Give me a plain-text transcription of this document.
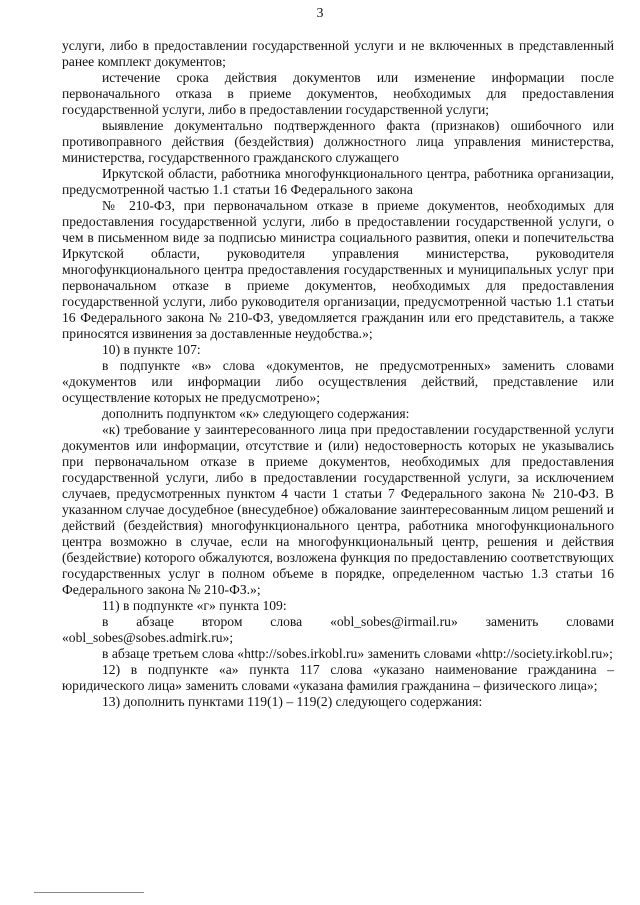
3

услуги, либо в предоставлении государственной услуги и не включенных в представленный ранее комплект документов;

истечение срока действия документов или изменение информации после первоначального отказа в приеме документов, необходимых для предоставления государственной услуги, либо в предоставлении государственной услуги;

выявление документально подтвержденного факта (признаков) ошибочного или противоправного действия (бездействия) должностного лица управления министерства, министерства, государственного гражданского служащего

Иркутской области, работника многофункционального центра, работника организации, предусмотренной частью 1.1 статьи 16 Федерального закона

№ 210-ФЗ, при первоначальном отказе в приеме документов, необходимых для предоставления государственной услуги, либо в предоставлении государственной услуги, о чем в письменном виде за подписью министра социального развития, опеки и попечительства Иркутской области, руководителя управления министерства, руководителя многофункционального центра предоставления государственных и муниципальных услуг при первоначальном отказе в приеме документов, необходимых для предоставления государственной услуги, либо руководителя организации, предусмотренной частью 1.1 статьи 16 Федерального закона № 210-ФЗ, уведомляется гражданин или его представитель, а также приносятся извинения за доставленные неудобства.»;

10) в пункте 107:

в подпункте «в» слова «документов, не предусмотренных» заменить словами «документов или информации либо осуществления действий, представление или осуществление которых не предусмотрено»;

дополнить подпунктом «к» следующего содержания:

«к) требование у заинтересованного лица при предоставлении государственной услуги документов или информации, отсутствие и (или) недостоверность которых не указывались при первоначальном отказе в приеме документов, необходимых для предоставления государственной услуги, либо в предоставлении государственной услуги, за исключением случаев, предусмотренных пунктом 4 части 1 статьи 7 Федерального закона № 210-ФЗ. В указанном случае досудебное (внесудебное) обжалование заинтересованным лицом решений и действий (бездействия) многофункционального центра, работника многофункционального центра возможно в случае, если на многофункциональный центр, решения и действия (бездействие) которого обжалуются, возложена функция по предоставлению соответствующих государственных услуг в полном объеме в порядке, определенном частью 1.3 статьи 16 Федерального закона № 210-ФЗ.»;

11) в подпункте «г» пункта 109:

в абзаце втором слова «obl_sobes@irmail.ru» заменить словами «obl_sobes@sobes.admirk.ru»;

в абзаце третьем слова «http://sobes.irkobl.ru» заменить словами «http://society.irkobl.ru»;

12) в подпункте «а» пункта 117 слова «указано наименование гражданина – юридического лица» заменить словами «указана фамилия гражданина – физического лица»;

13) дополнить пунктами 119(1) – 119(2) следующего содержания:
